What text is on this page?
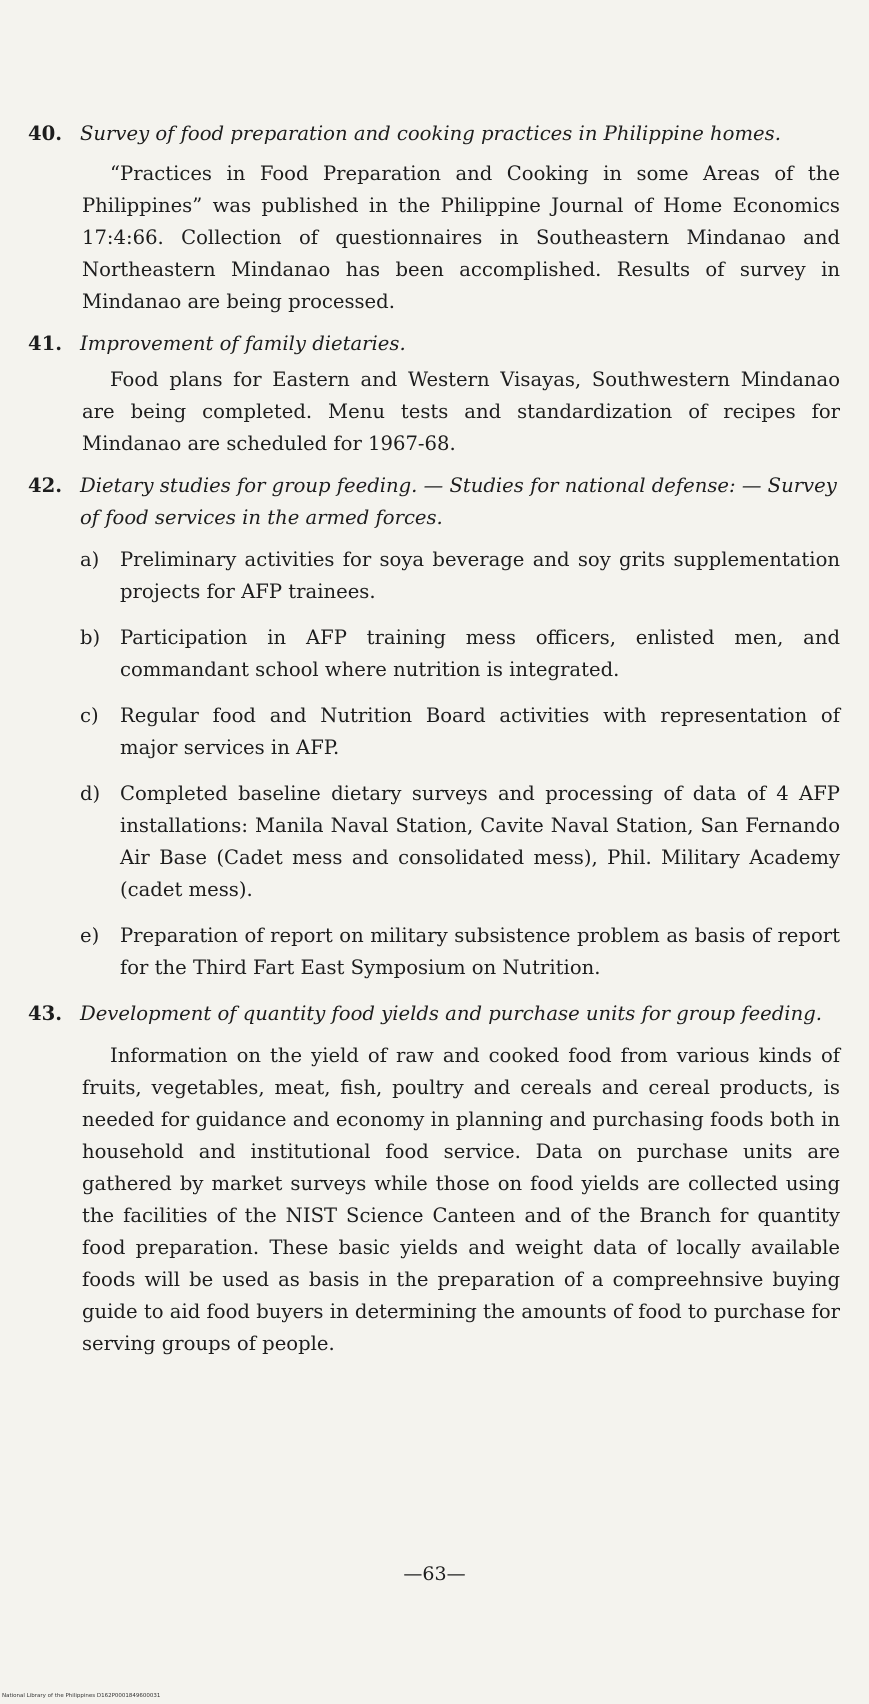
40. Survey of food preparation and cooking practices in Philippine homes.

“Practices in Food Preparation and Cooking in some Areas of the Philippines” was published in the Philippine Journal of Home Economics 17:4:66. Collection of questionnaires in Southeastern Mindanao and Northeastern Mindanao has been accomplished. Results of survey in Mindanao are being processed.

41. Improvement of family dietaries.

Food plans for Eastern and Western Visayas, Southwestern Mindanao are being completed. Menu tests and standardization of recipes for Mindanao are scheduled for 1967-68.

42. Dietary studies for group feeding. — Studies for national defense: — Survey of food services in the armed forces.
a) Preliminary activities for soya beverage and soy grits supplementation projects for AFP trainees.
b) Participation in AFP training mess officers, enlisted men, and commandant school where nutrition is integrated.
c) Regular food and Nutrition Board activities with representation of major services in AFP.
d) Completed baseline dietary surveys and processing of data of 4 AFP installations: Manila Naval Station, Cavite Naval Station, San Fernando Air Base (Cadet mess and consolidated mess), Phil. Military Academy (cadet mess).
e) Preparation of report on military subsistence problem as basis of report for the Third Fart East Symposium on Nutrition.
43. Development of quantity food yields and purchase units for group feeding.

Information on the yield of raw and cooked food from various kinds of fruits, vegetables, meat, fish, poultry and cereals and cereal products, is needed for guidance and economy in planning and purchasing foods both in household and institutional food service. Data on purchase units are gathered by market surveys while those on food yields are collected using the facilities of the NIST Science Canteen and of the Branch for quantity food preparation. These basic yields and weight data of locally available foods will be used as basis in the preparation of a compreehnsive buying guide to aid food buyers in determining the amounts of food to purchase for serving groups of people.

—63—
National Library of the Philippines D162P0001849600031
